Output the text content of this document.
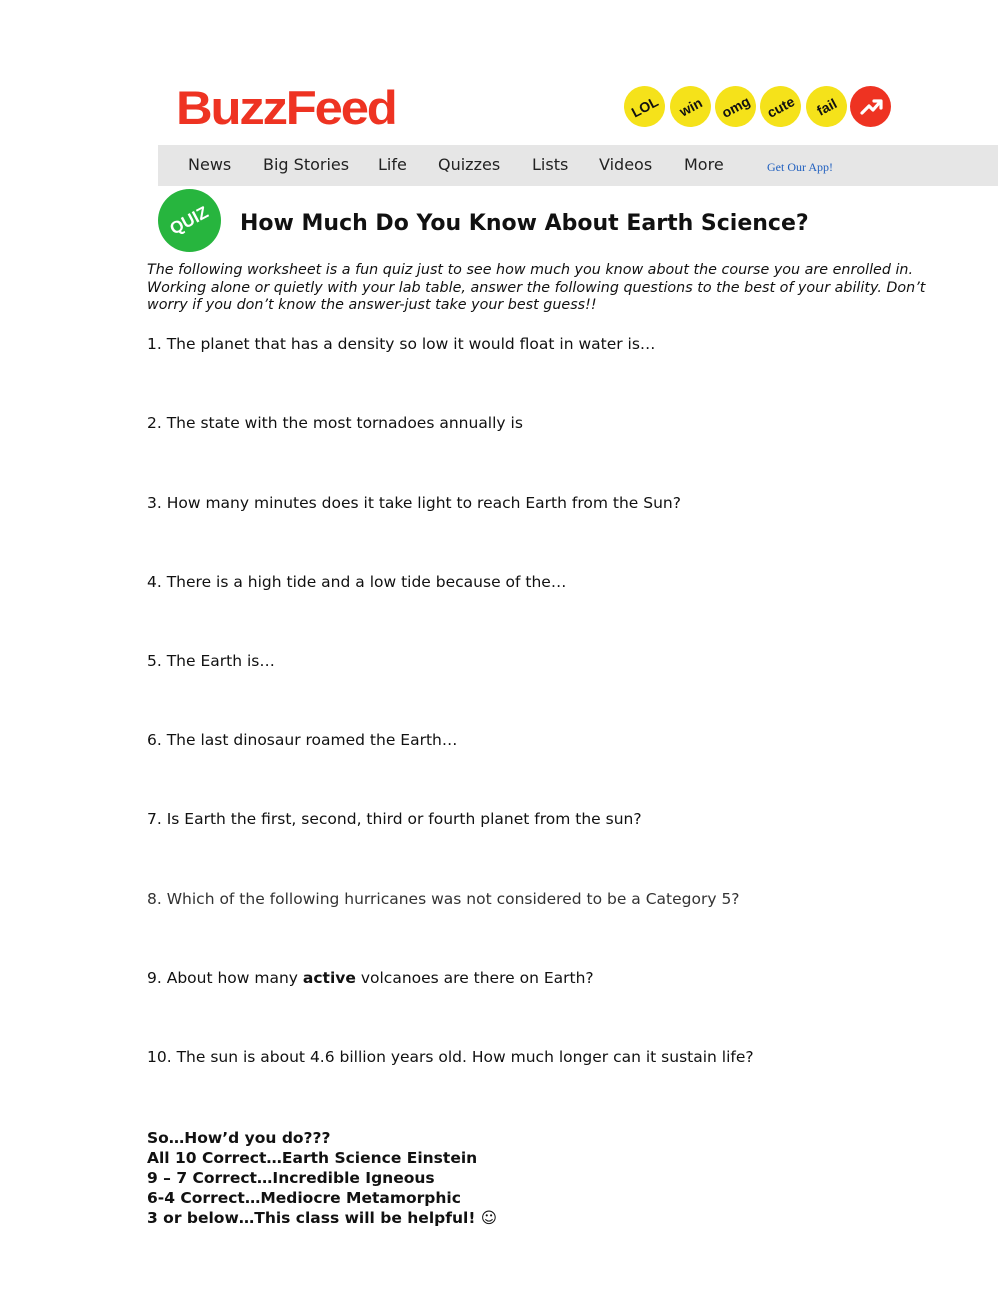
BuzzFeed	LOL	win	omg cute	fail
News Big Stories Life Quizzes Lists Videos More	Get Our App!
QUIZ How Much Do You Know About Earth Science?
The following worksheet is a fun quiz just to see how much you know about the course you are enrolled in. Working alone or quietly with your lab table, answer the following questions to the best of your ability. Don’t worry if you don’t know the answer-just take your best guess!!
1. The planet that has a density so low it would float in water is…
2. The state with the most tornadoes annually is
3. How many minutes does it take light to reach Earth from the Sun?
4. There is a high tide and a low tide because of the…
5. The Earth is…
6. The last dinosaur roamed the Earth…
7. Is Earth the first, second, third or fourth planet from the sun?
8. Which of the following hurricanes was not considered to be a Category 5?
9. About how many active volcanoes are there on Earth?
10. The sun is about 4.6 billion years old. How much longer can it sustain life?
So…How’d you do???
All 10 Correct…Earth Science Einstein
9 – 7 Correct…Incredible Igneous
6-4 Correct…Mediocre Metamorphic
3 or below…This class will be helpful! ☺
